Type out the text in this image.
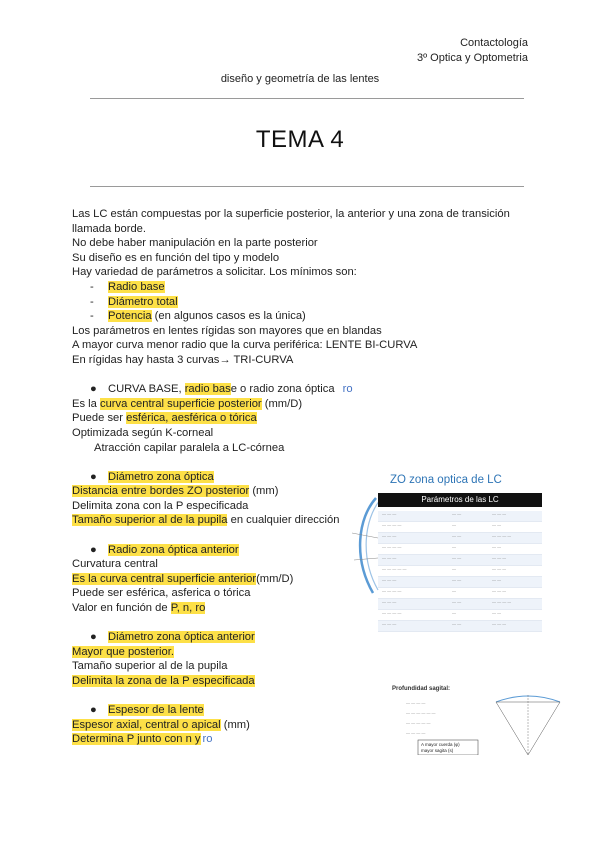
Contactología
3º Optica y Optometria
diseño y geometría de las lentes
TEMA 4
Las LC están compuestas por la superficie posterior, la anterior y una zona de transición
llamada borde.
No debe haber manipulación en la parte posterior
Su diseño es en función del tipo y modelo
Hay variedad de parámetros a solicitar. Los mínimos son:
- Radio base
- Diámetro total
- Potencia (en algunos casos es la única)
Los parámetros en lentes rígidas son mayores que en blandas
A mayor curva menor radio que la curva periférica: LENTE BI-CURVA
En rígidas hay hasta 3 curvas→ TRI-CURVA
● CURVA BASE, radio base o radio zona óptica ro
Es la curva central superficie posterior (mm/D)
Puede ser esférica, aesférica o tórica
Optimizada según K-corneal
Atracción capilar paralela a LC-córnea
● Diámetro zona óptica
Distancia entre bordes ZO posterior (mm)
Delimita zona con la P especificada
Tamaño superior al de la pupila en cualquier dirección
● Radio zona óptica anterior
Curvatura central
Es la curva central superficie anterior(mm/D)
Puede ser esférica, asferica o tórica
Valor en función de P, n, ro
● Diámetro zona óptica anterior
Mayor que posterior.
Tamaño superior al de la pupila
Delimita la zona de la P especificada
● Espesor de la lente
Espesor axial, central o apical (mm)
Determina P junto con n y ro
ZO zona optica de LC
Parámetros de las LC
— — —	— —	— — —
— — — —	—	— —
— — —	— —	— — — —
— — — —	—	— —
— — —	— —	— — —
— — — — —	—	— — —
— — —	— —	— —
— — — —	—	— — —
— — —	— —	— — — —
— — — —	—	— —
— — —	— —	— — —
Profundidad sagital:
— — — —
— — — — — —
— — — — —
— — — —
A mayor cuerda (φ)
mayor sagita (s)
